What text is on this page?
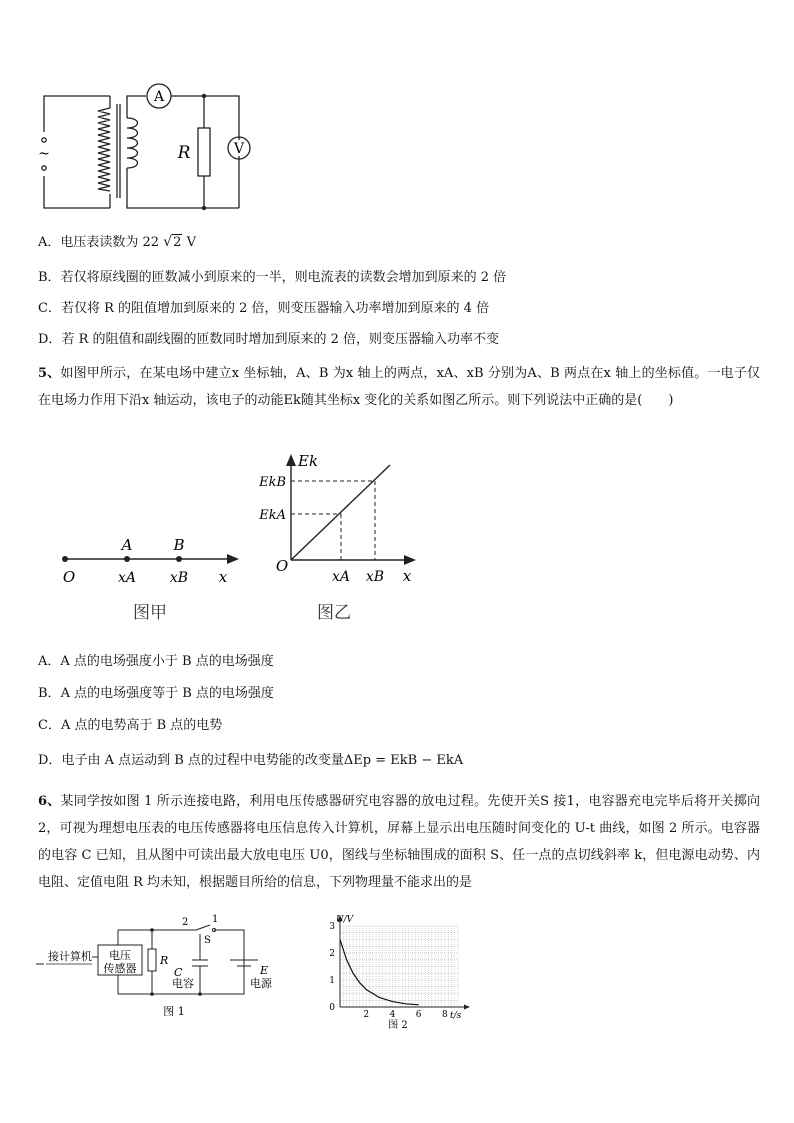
~
A
R	V
A．电压表读数为 22 √2 V
B．若仅将原线圈的匝数减小到原来的一半，则电流表的读数会增加到原来的 2 倍
C．若仅将 R 的阻值增加到原来的 2 倍，则变压器输入功率增加到原来的 4 倍
D．若 R 的阻值和副线圈的匝数同时增加到原来的 2 倍，则变压器输入功率不变
5、如图甲所示，在某电场中建立x 坐标轴，A、B 为x 轴上的两点，xA、xB 分别为A、B 两点在x 轴上的坐标值。一电子仅在电场力作用下沿x 轴运动，该电子的动能Ek随其坐标x 变化的关系如图乙所示。则下列说法中正确的是(　　)
A	B
O	xA xB x
图甲
Ek
EkB
EkA
O
xA xB x
图乙
A．A 点的电场强度小于 B 点的电场强度
B．A 点的电场强度等于 B 点的电场强度
C．A 点的电势高于 B 点的电势
D．电子由 A 点运动到 B 点的过程中电势能的改变量ΔEp = EkB − EkA
6、某同学按如图 1 所示连接电路，利用电压传感器研究电容器的放电过程。先使开关S 接1，电容器充电完毕后将开关掷向2，可视为理想电压表的电压传感器将电压信息传入计算机，屏幕上显示出电压随时间变化的 U-t 曲线，如图 2 所示。电容器的电容 C 已知，且从图中可读出最大放电电压 U0，图线与坐标轴围成的面积 S、任一点的点切线斜率 k，但电源电动势、内电阻、定值电阻 R 均未知，根据题目所给的信息，下列物理量不能求出的是
接计算机 电压
传感器
R
2 1
S
C
电容
E
电源
图 1	2 4 6 8
0
1
2
3
U/V
t/s
图 2
